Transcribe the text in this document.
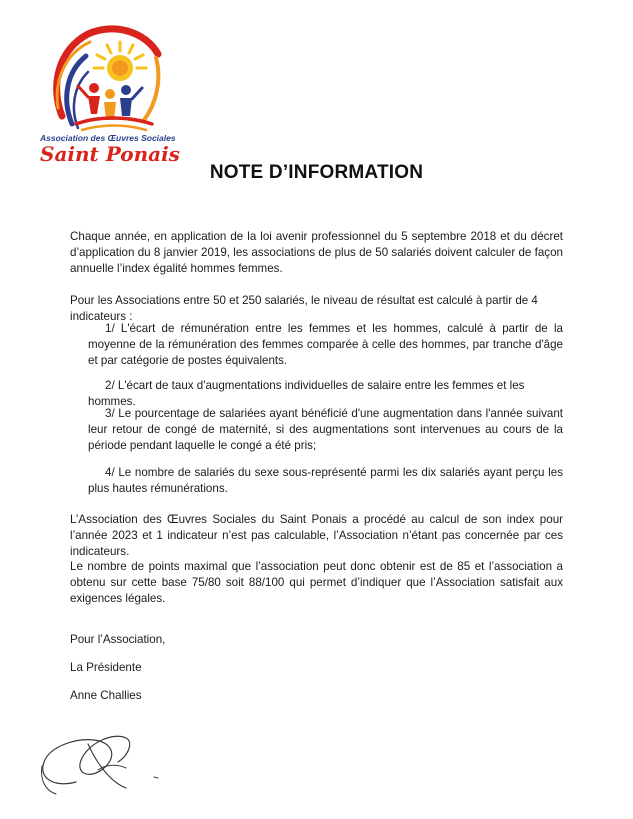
Association des Œuvres Sociales
Saint Ponais
NOTE D’INFORMATION
Chaque année, en application de la loi avenir professionnel du 5 septembre 2018 et du décret d’application du 8 janvier 2019, les associations de plus de 50 salariés doivent calculer de façon annuelle l’index égalité hommes femmes.
Pour les Associations entre 50 et 250 salariés, le niveau de résultat est calculé à partir de 4 indicateurs :
1/ L'écart de rémunération entre les femmes et les hommes, calculé à partir de la moyenne de la rémunération des femmes comparée à celle des hommes, par tranche d'âge et par catégorie de postes équivalents.
2/ L'écart de taux d'augmentations individuelles de salaire entre les femmes et les hommes.
3/ Le pourcentage de salariées ayant bénéficié d'une augmentation dans l'année suivant leur retour de congé de maternité, si des augmentations sont intervenues au cours de la période pendant laquelle le congé a été pris;
4/ Le nombre de salariés du sexe sous-représenté parmi les dix salariés ayant perçu les plus hautes rémunérations.
L’Association des Œuvres Sociales du Saint Ponais a procédé au calcul de son index pour l’année 2023 et 1 indicateur n’est pas calculable, l’Association n’étant pas concernée par ces indicateurs.
Le nombre de points maximal que l’association peut donc obtenir est de 85 et l’association a obtenu sur cette base 75/80 soit 88/100 qui permet d’indiquer que l’Association satisfait aux exigences légales.
Pour l’Association,
La Présidente
Anne Challies
